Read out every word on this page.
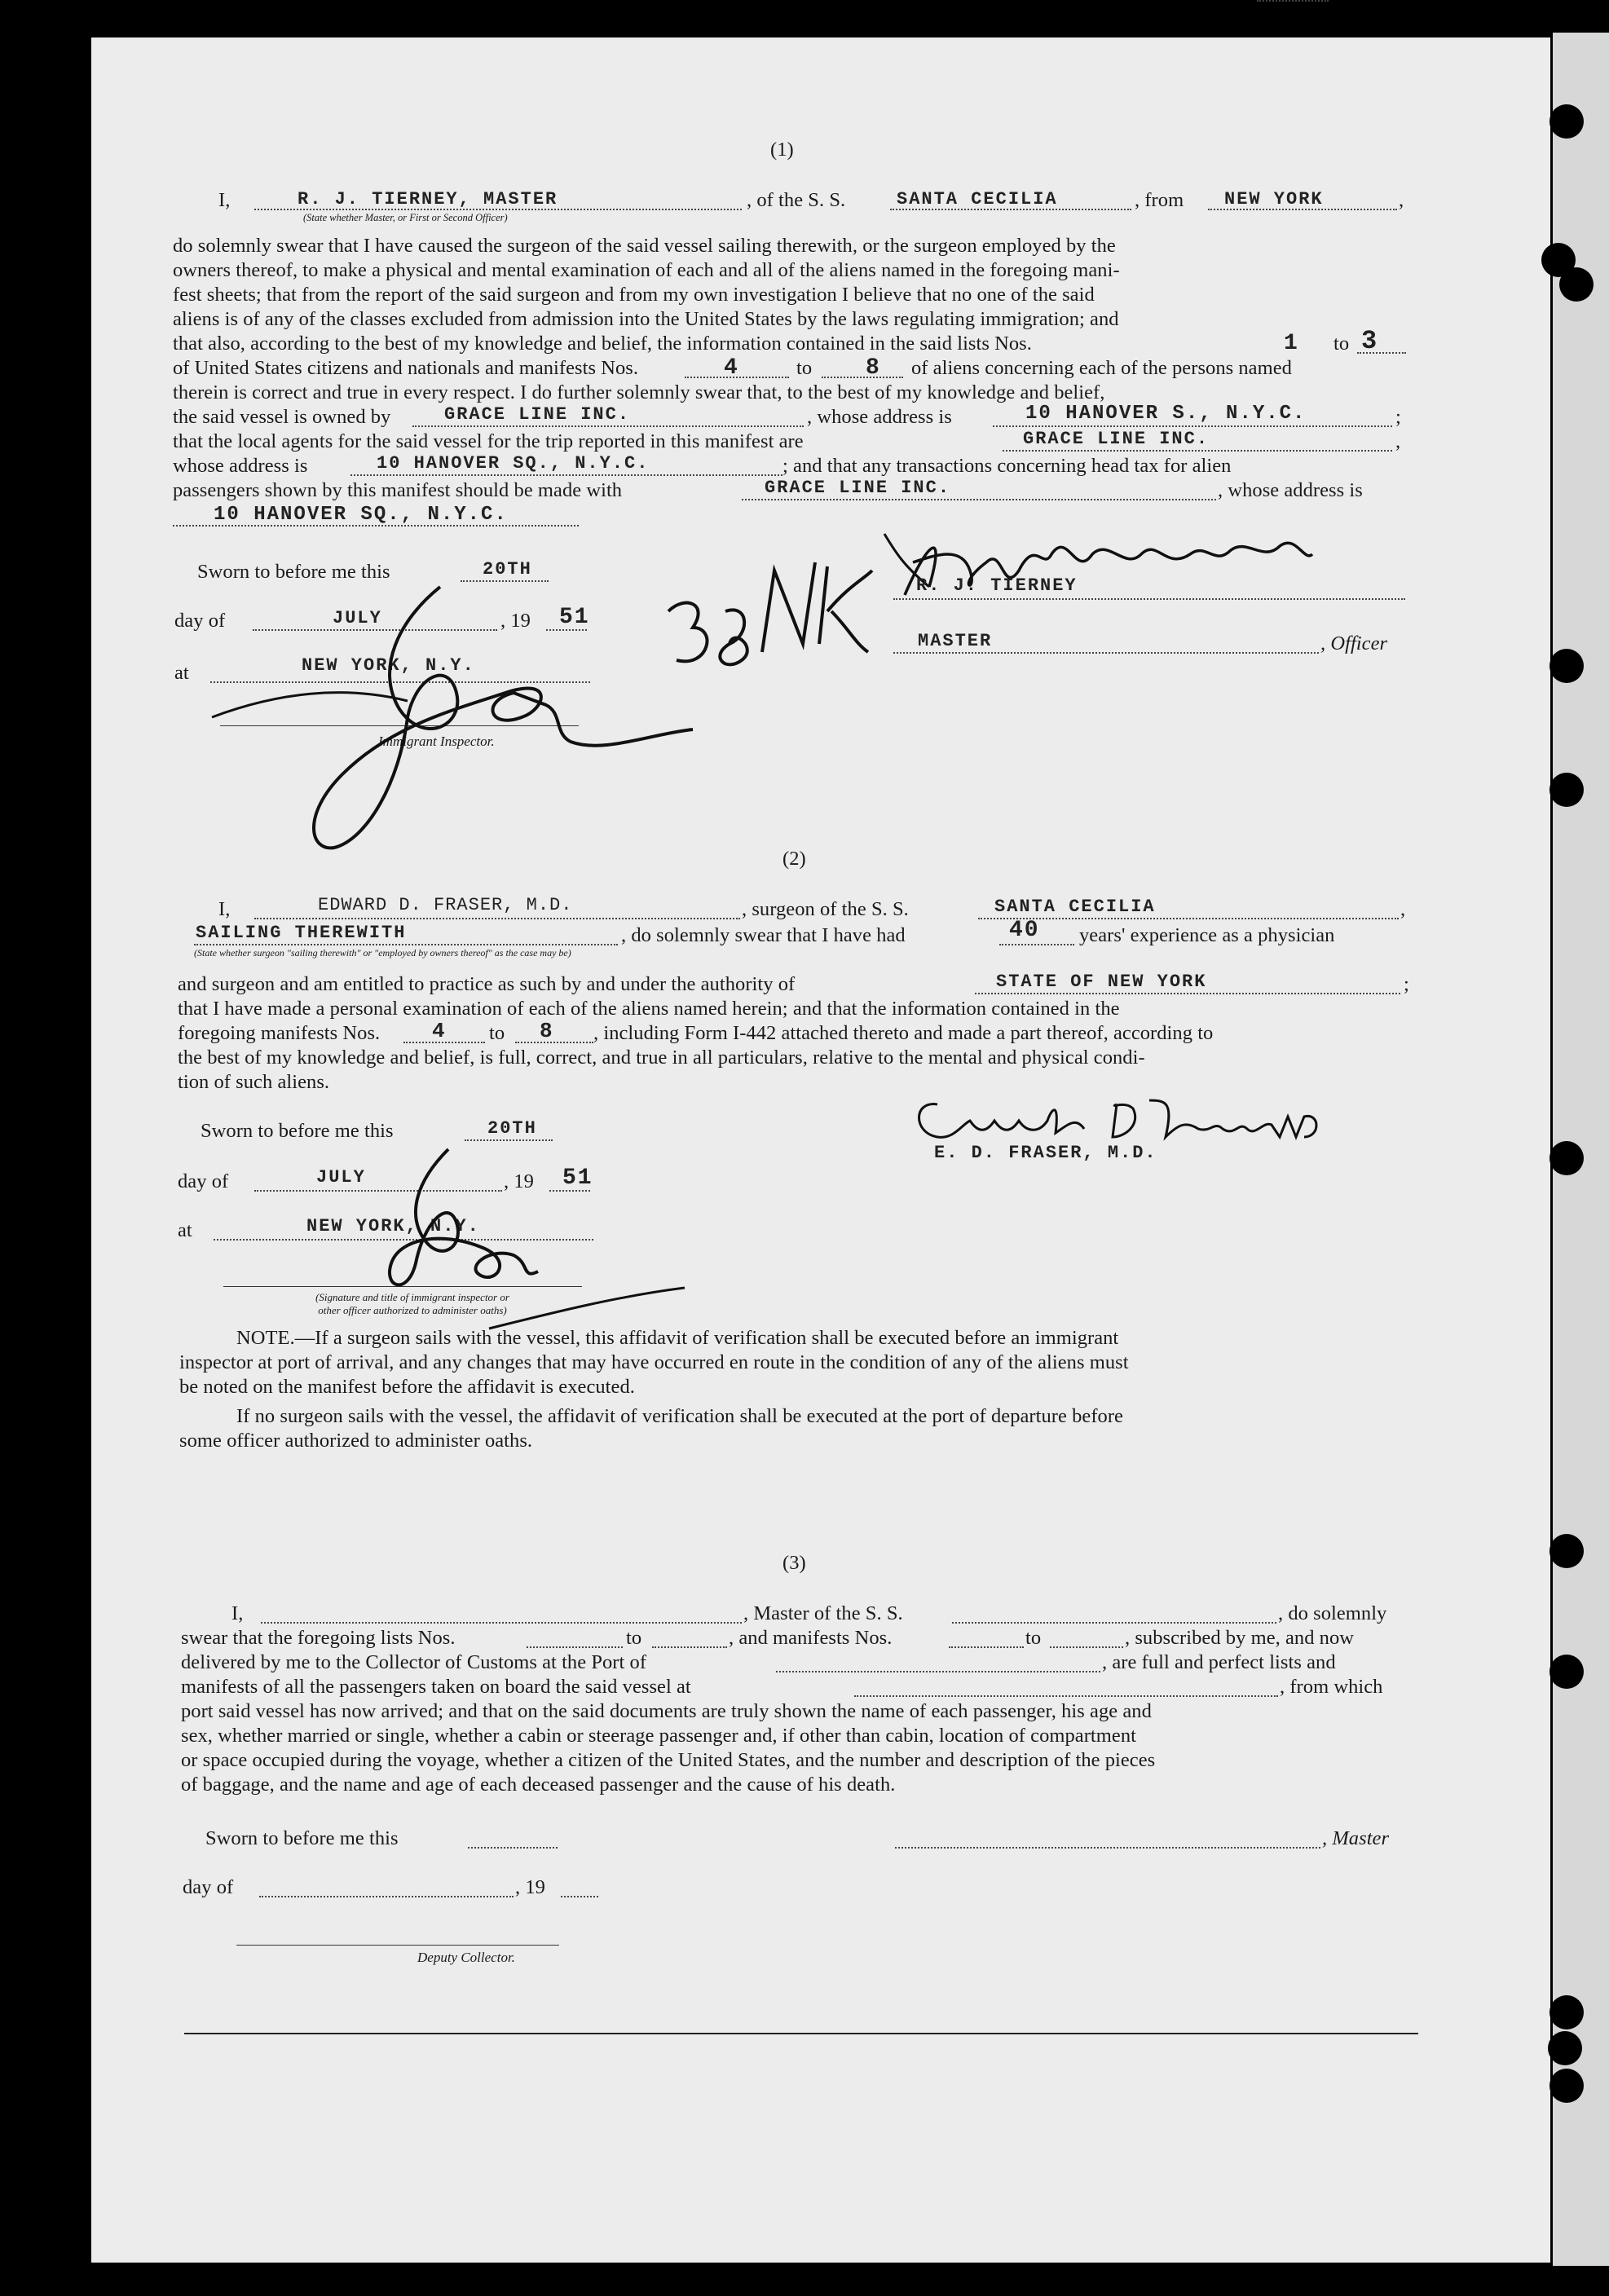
(1)
I,	R. J. TIERNEY, MASTER
(State whether Master, or First or Second Officer)
, of the S. S.	SANTA CECILIA	, from NEW YORK	,
do solemnly swear that I have caused the surgeon of the said vessel sailing therewith, or the surgeon employed by the
owners thereof, to make a physical and mental examination of each and all of the aliens named in the foregoing mani-
fest sheets; that from the report of the said surgeon and from my own investigation I believe that no one of the said
aliens is of any of the classes excluded from admission into the United States by the laws regulating immigration; and
that also, according to the best of my knowledge and belief, the information contained in the said lists Nos.	1 to 3
of United States citizens and nationals and manifests Nos.	4	to 8 of aliens concerning each of the persons named
therein is correct and true in every respect. I do further solemnly swear that, to the best of my knowledge and belief,
the said vessel is owned by	GRACE LINE INC.	, whose address is	10 HANOVER S., N.Y.C.	;
that the local agents for the said vessel for the trip reported in this manifest are	GRACE LINE INC.	,
whose address is	10 HANOVER SQ., N.Y.C.	; and that any transactions concerning head tax for alien
passengers shown by this manifest should be made with	GRACE LINE INC.	, whose address is
10 HANOVER SQ., N.Y.C.
Sworn to before me this	20TH
day of	JULY	, 19 51
at	NEW YORK, N.Y.
Immigrant Inspector.
R. J. TIERNEY
MASTER	, Officer
(2)
I,	EDWARD D. FRASER, M.D.	, surgeon of the S. S.	SANTA CECILIA	,
SAILING THEREWITH
(State whether surgeon "sailing therewith" or "employed by owners thereof" as the case may be)
, do solemnly swear that I have had	40 years' experience as a physician
and surgeon and am entitled to practice as such by and under the authority of	STATE OF NEW YORK	;
that I have made a personal examination of each of the aliens named herein; and that the information contained in the
foregoing manifests Nos. 4 to 8 , including Form I-442 attached thereto and made a part thereof, according to
the best of my knowledge and belief, is full, correct, and true in all particulars, relative to the mental and physical condi-
tion of such aliens.
Sworn to before me this	20TH
day of	JULY	, 19 51
at	NEW YORK, N.Y.
(Signature and title of immigrant inspector or
other officer authorized to administer oaths)
E. D. FRASER, M.D.
NOTE.—If a surgeon sails with the vessel, this affidavit of verification shall be executed before an immigrant
inspector at port of arrival, and any changes that may have occurred en route in the condition of any of the aliens must
be noted on the manifest before the affidavit is executed.
If no surgeon sails with the vessel, the affidavit of verification shall be executed at the port of departure before
some officer authorized to administer oaths.
(3)
I,	, Master of the S. S.	, do solemnly
swear that the foregoing lists Nos.	to	, and manifests Nos.	to	, subscribed by me, and now
delivered by me to the Collector of Customs at the Port of	, are full and perfect lists and
manifests of all the passengers taken on board the said vessel at	, from which
port said vessel has now arrived; and that on the said documents are truly shown the name of each passenger, his age and
sex, whether married or single, whether a cabin or steerage passenger and, if other than cabin, location of compartment
or space occupied during the voyage, whether a citizen of the United States, and the number and description of the pieces
of baggage, and the name and age of each deceased passenger and the cause of his death.
Sworn to before me this	, Master
day of	, 19
Deputy Collector.
